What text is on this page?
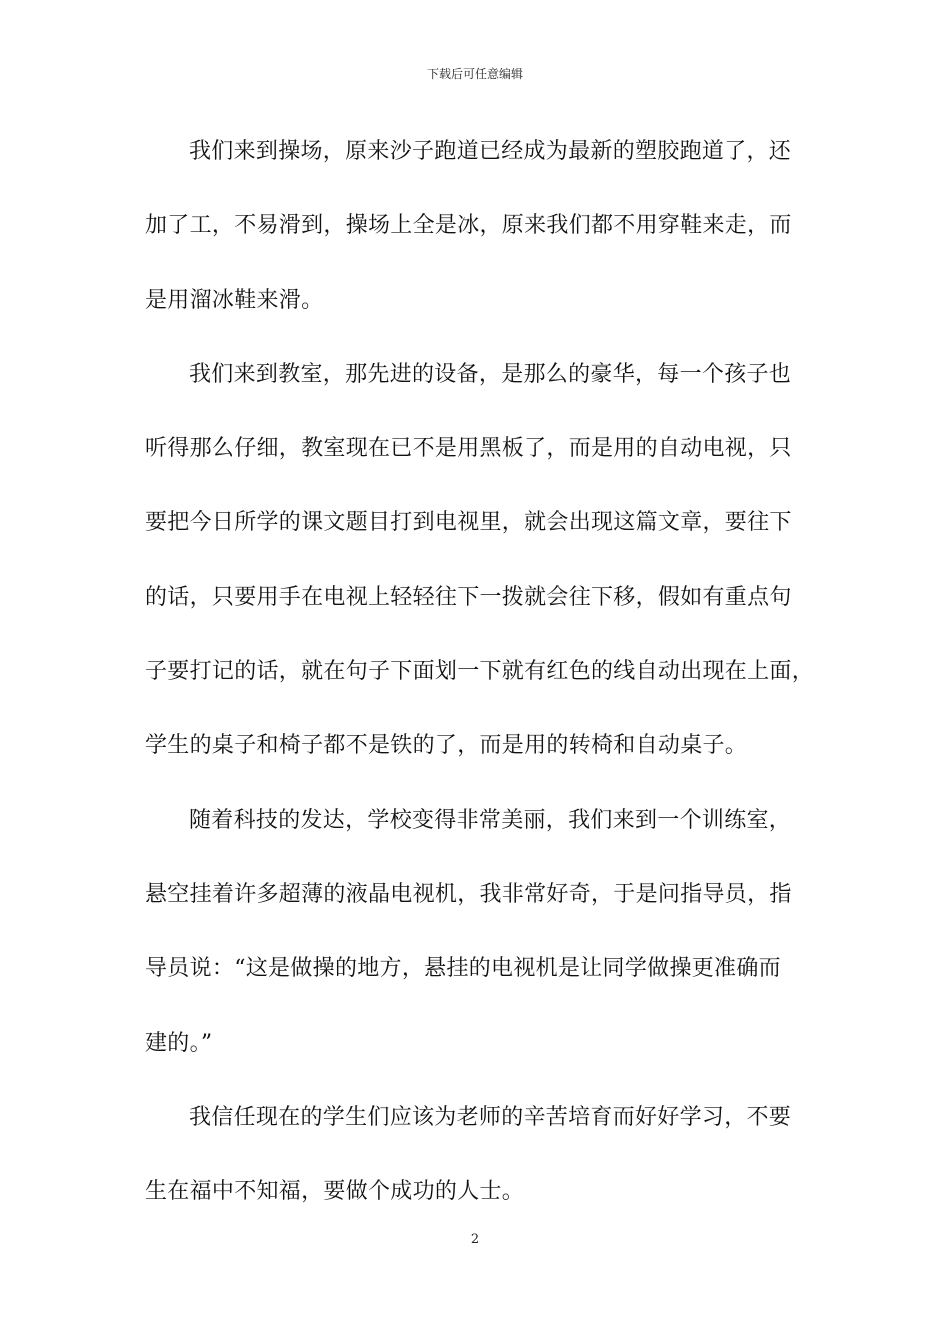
下载后可任意编辑
我们来到操场，原来沙子跑道已经成为最新的塑胶跑道了，还
加了工，不易滑到，操场上全是冰，原来我们都不用穿鞋来走，而
是用溜冰鞋来滑。
我们来到教室，那先进的设备，是那么的豪华，每一个孩子也
听得那么仔细，教室现在已不是用黑板了，而是用的自动电视，只
要把今日所学的课文题目打到电视里，就会出现这篇文章，要往下
的话，只要用手在电视上轻轻往下一拨就会往下移，假如有重点句
子要打记的话，就在句子下面划一下就有红色的线自动出现在上面，
学生的桌子和椅子都不是铁的了，而是用的转椅和自动桌子。
随着科技的发达，学校变得非常美丽，我们来到一个训练室，
悬空挂着许多超薄的液晶电视机，我非常好奇，于是问指导员，指
导员说：“这是做操的地方，悬挂的电视机是让同学做操更准确而
建的。”
我信任现在的学生们应该为老师的辛苦培育而好好学习，不要
生在福中不知福，要做个成功的人士。
2
